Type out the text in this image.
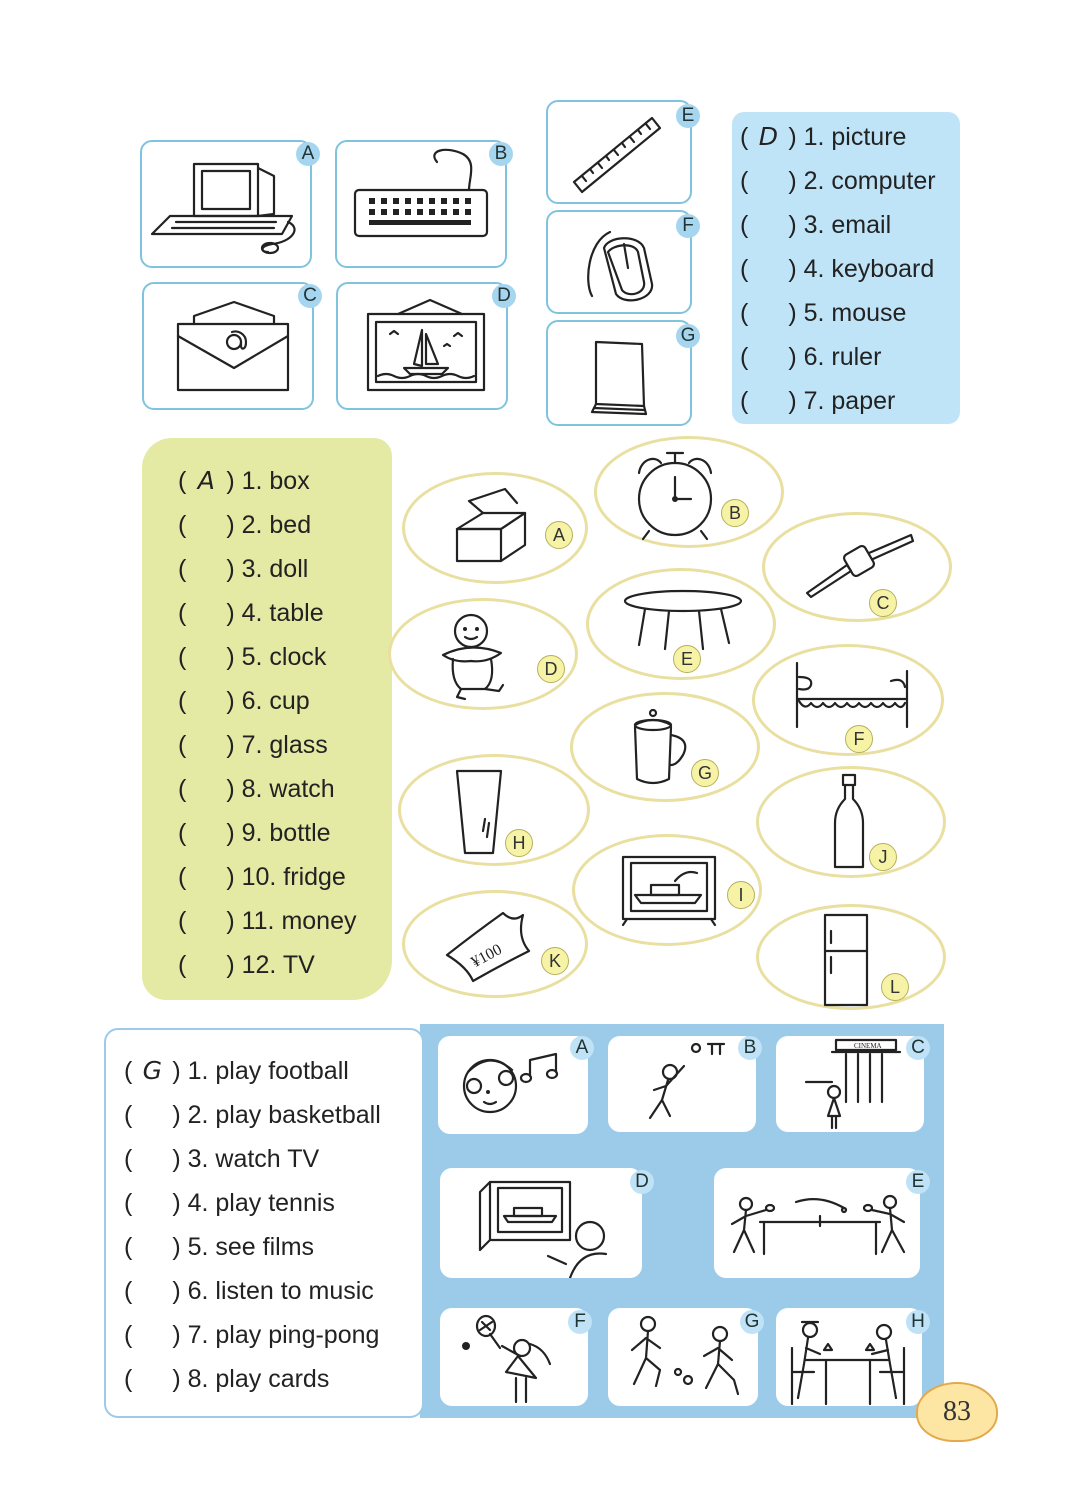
A	B
C	D
E
F
G
( D ) 1. picture
( ) 2. computer
( ) 3. email
( ) 4. keyboard
( ) 5. mouse
( ) 6. ruler
( ) 7. paper
( A ) 1. box
( ) 2. bed
( ) 3. doll
( ) 4. table
( ) 5. clock
( ) 6. cup
( ) 7. glass
( ) 8. watch
( ) 9. bottle
( ) 10. fridge
( ) 11. money
( ) 12. TV
A
B
C
D	E
F
G
H
I
J
¥100	K
L
( G ) 1. play football
( ) 2. play basketball
( ) 3. watch TV
( ) 4. play tennis
( ) 5. see films
( ) 6. listen to music
( ) 7. play ping-pong
( ) 8. play cards
A	B	CINEMA C
D	E
F	G	H
83
